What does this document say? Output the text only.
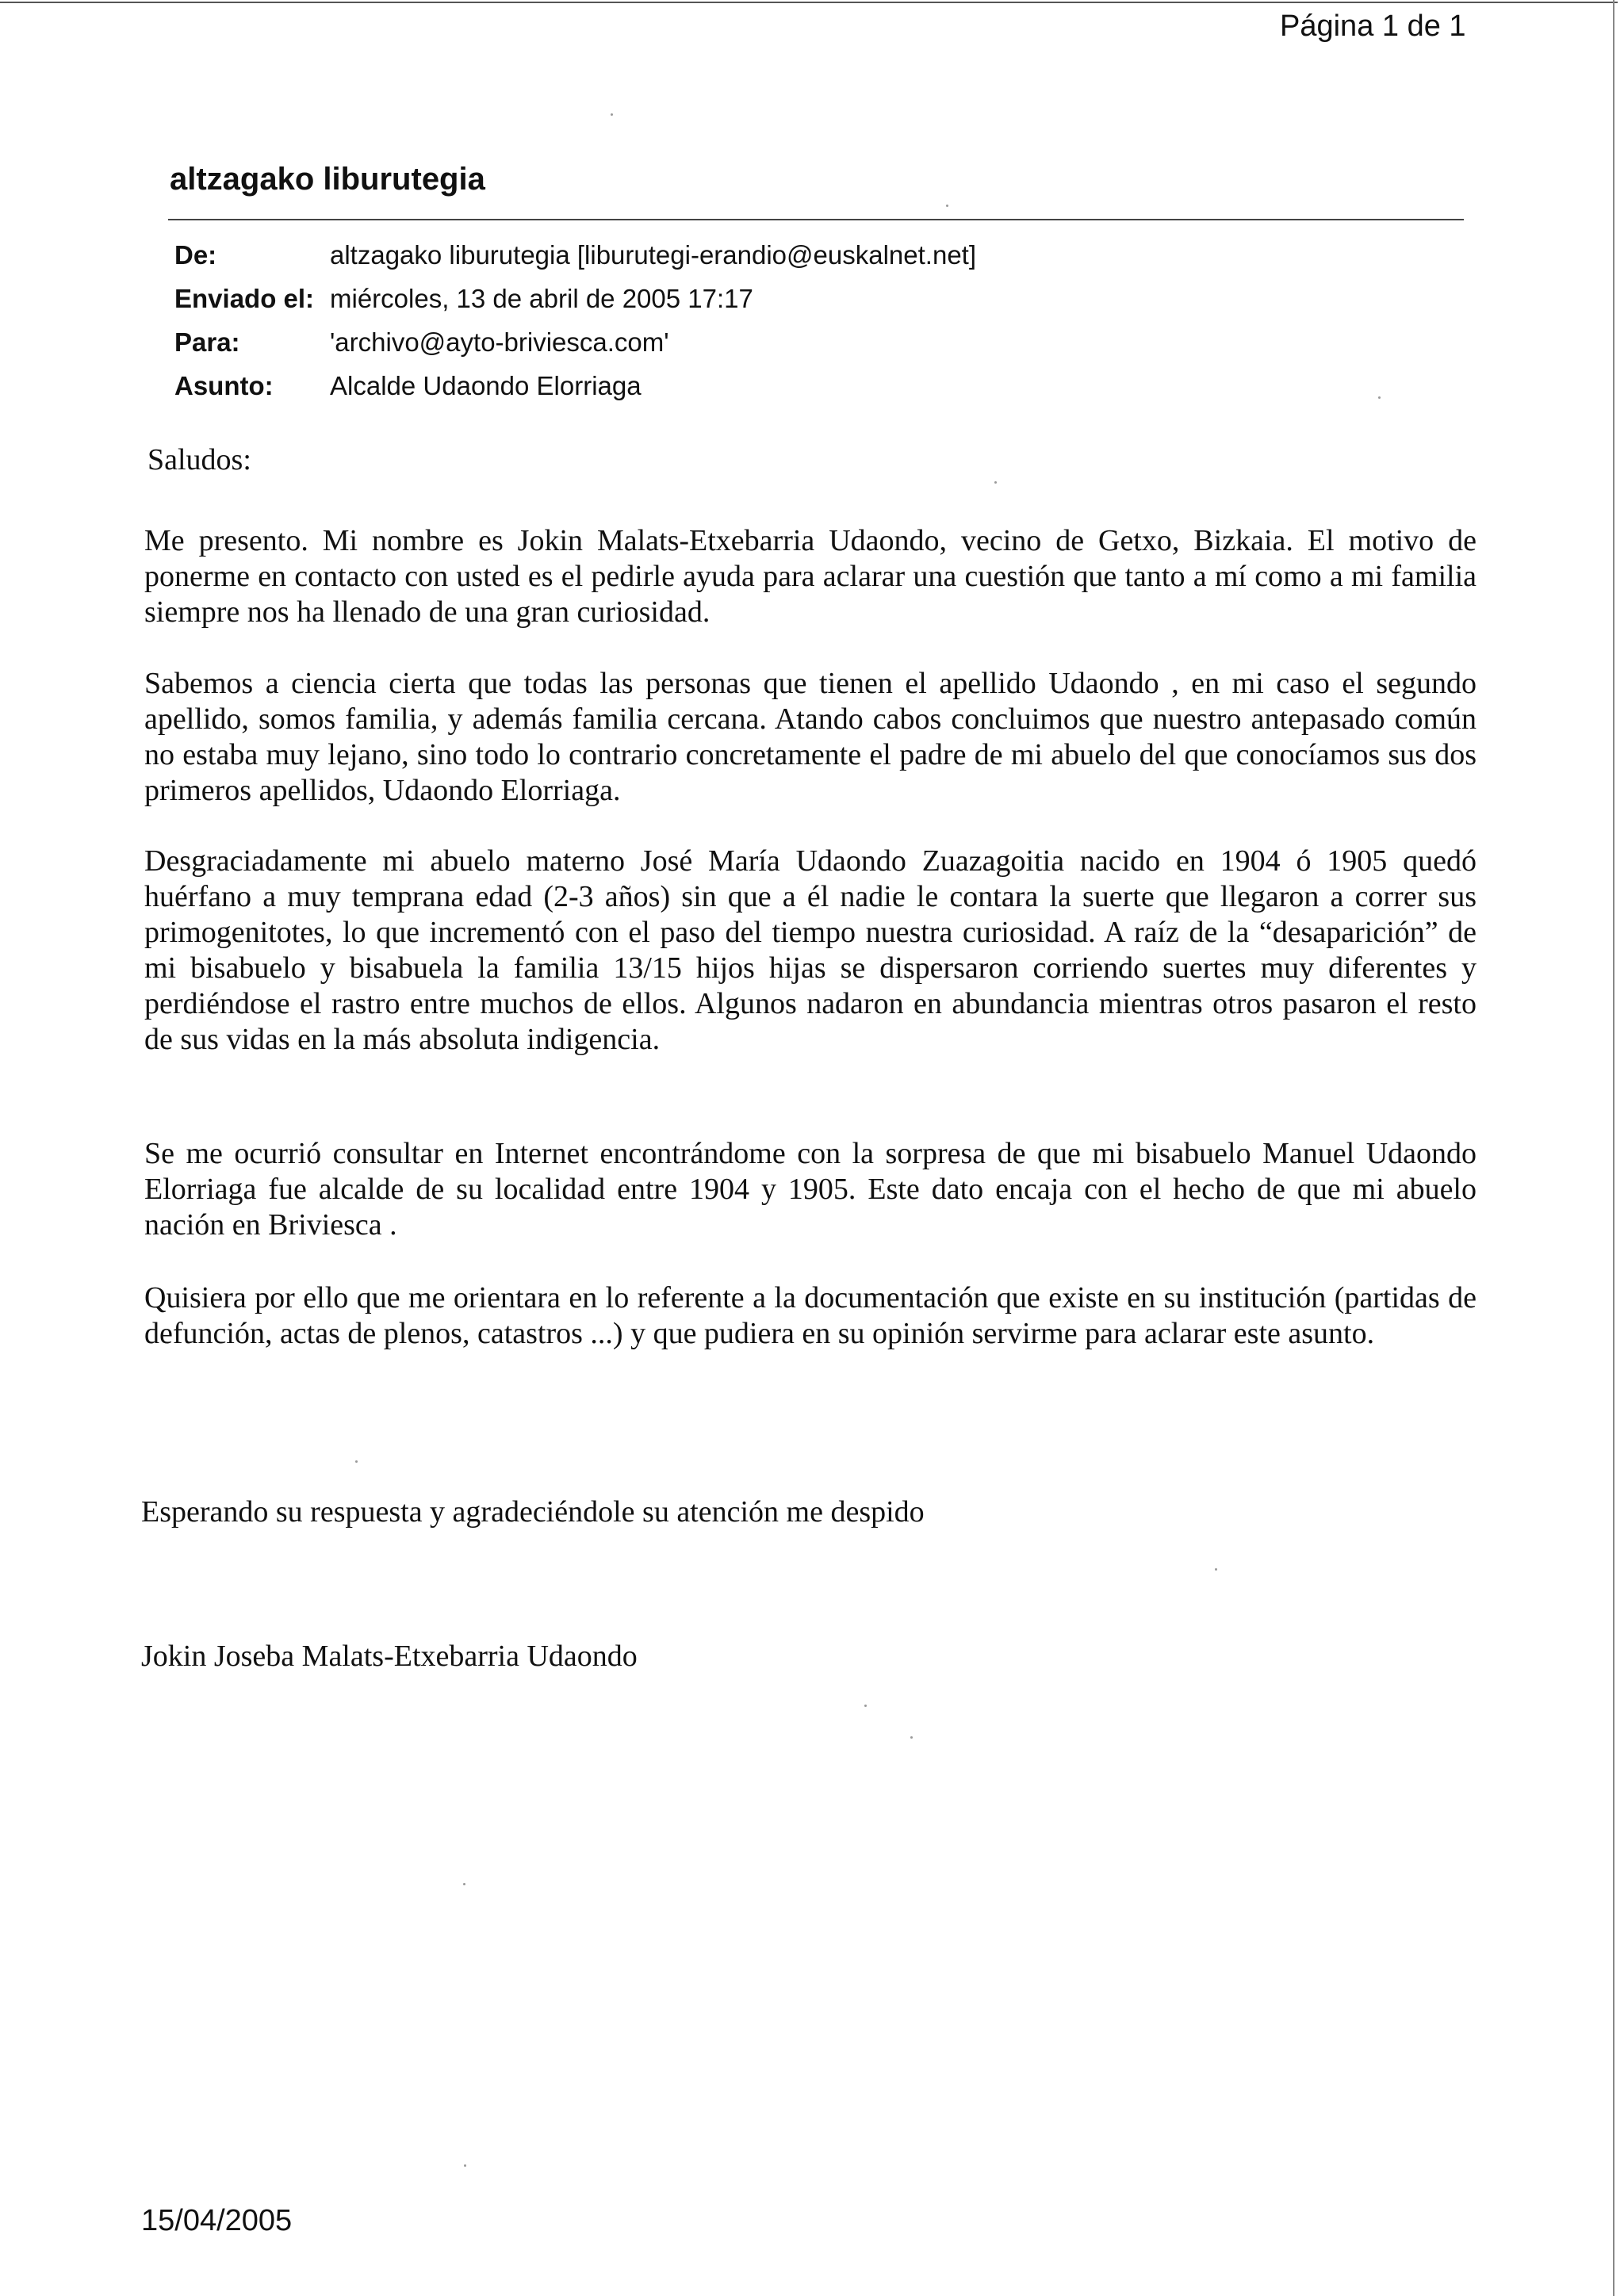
Página 1 de 1
altzagako liburutegia
De:	altzagako liburutegia [liburutegi-erandio@euskalnet.net]
Enviado el: miércoles, 13 de abril de 2005 17:17
Para:	'archivo@ayto-briviesca.com'
Asunto: Alcalde Udaondo Elorriaga
Saludos:

Me presento. Mi nombre es Jokin Malats-Etxebarria Udaondo, vecino de Getxo, Bizkaia. El motivo de ponerme en contacto con usted es el pedirle ayuda para aclarar una cuestión que tanto a mí como a mi familia siempre nos ha llenado de una gran curiosidad.

Sabemos a ciencia cierta que todas las personas que tienen el apellido Udaondo , en mi caso el segundo apellido, somos familia, y además familia cercana. Atando cabos concluimos que nuestro antepasado común no estaba muy lejano, sino todo lo contrario concretamente el padre de mi abuelo del que conocíamos sus dos primeros apellidos, Udaondo Elorriaga.

Desgraciadamente mi abuelo materno José María Udaondo Zuazagoitia nacido en 1904 ó 1905 quedó huérfano a muy temprana edad (2-3 años) sin que a él nadie le contara la suerte que llegaron a correr sus primogenitotes, lo que incrementó con el paso del tiempo nuestra curiosidad. A raíz de la “desaparición” de mi bisabuelo y bisabuela la familia 13/15 hijos hijas se dispersaron corriendo suertes muy diferentes y perdiéndose el rastro entre muchos de ellos. Algunos nadaron en abundancia mientras otros pasaron el resto de sus vidas en la más absoluta indigencia.

Se me ocurrió consultar en Internet encontrándome con la sorpresa de que mi bisabuelo Manuel Udaondo Elorriaga fue alcalde de su localidad entre 1904 y 1905. Este dato encaja con el hecho de que mi abuelo nación en Briviesca .

Quisiera por ello que me orientara en lo referente a la documentación que existe en su institución (partidas de defunción, actas de plenos, catastros ...) y que pudiera en su opinión servirme para aclarar este asunto.

Esperando su respuesta y agradeciéndole su atención me despido
Jokin Joseba Malats-Etxebarria Udaondo
15/04/2005
